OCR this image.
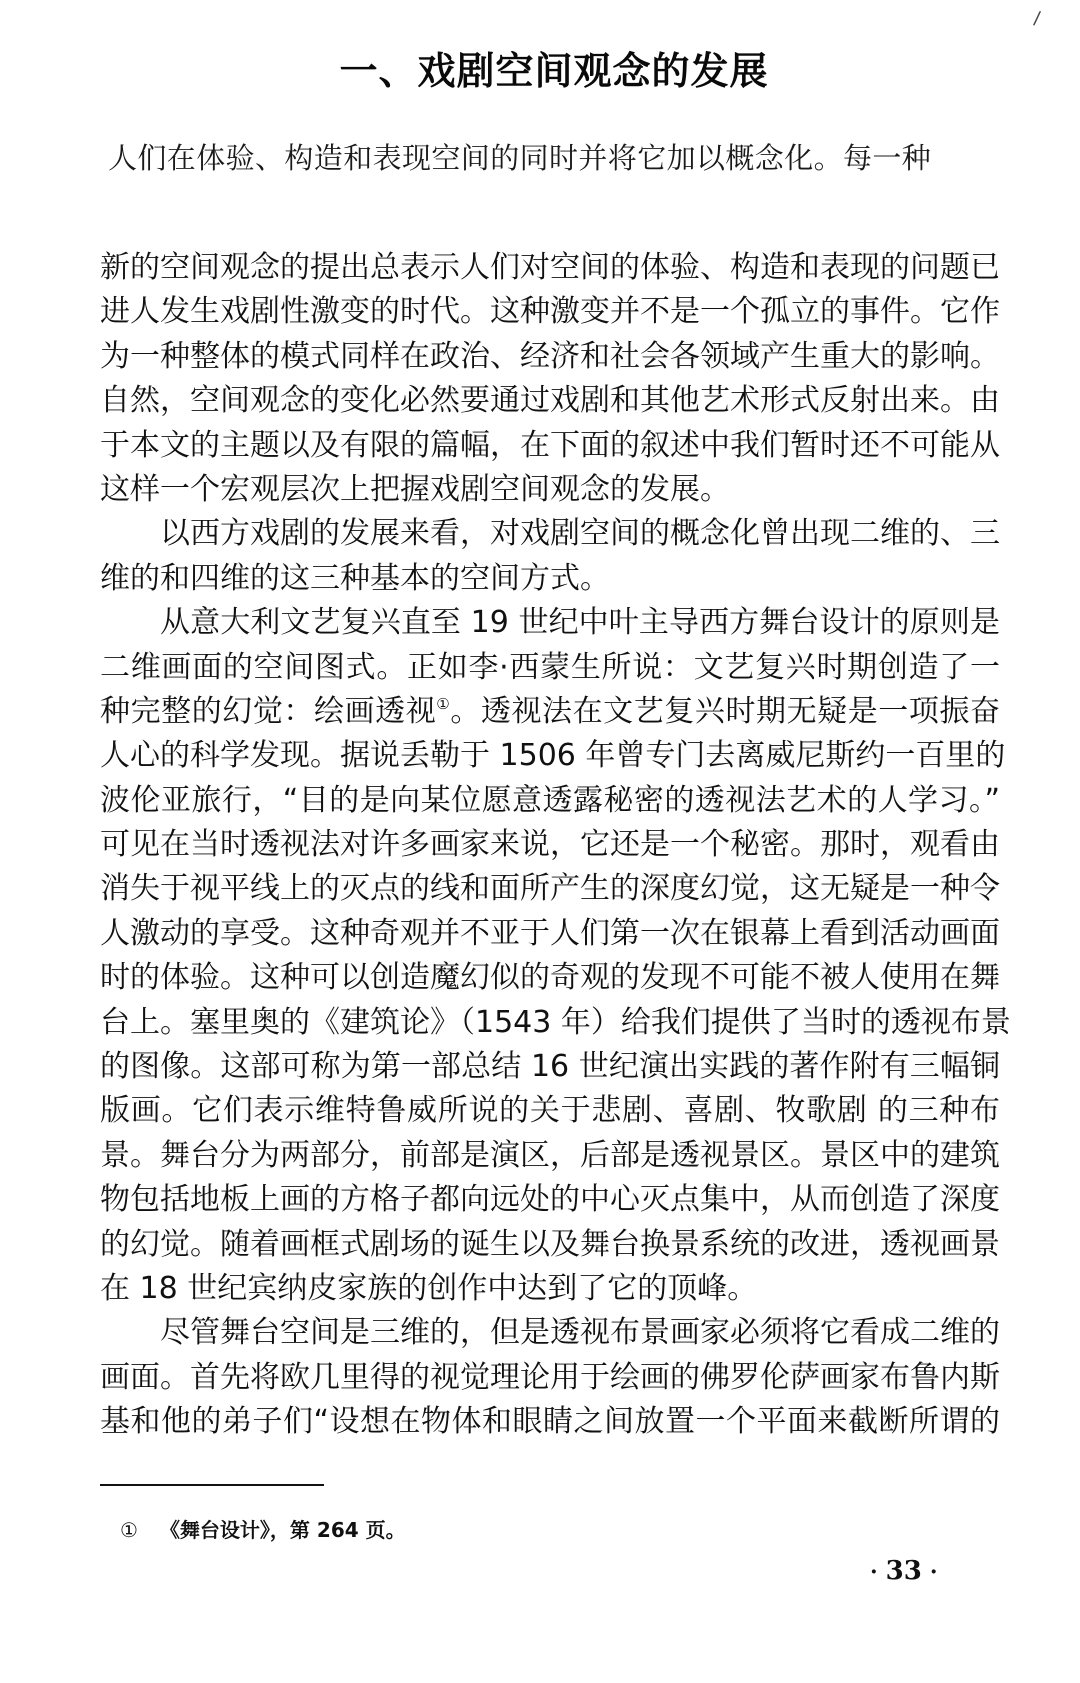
/
一、戏剧空间观念的发展
人们在体验、构造和表现空间的同时并将它加以概念化。每一种
新的空间观念的提出总表示人们对空间的体验、构造和表现的问题已
进人发生戏剧性激变的时代。这种激变并不是一个孤立的事件。它作
为一种整体的模式同样在政治、经济和社会各领域产生重大的影响。
自然，空间观念的变化必然要通过戏剧和其他艺术形式反射出来。由
于本文的主题以及有限的篇幅，在下面的叙述中我们暂时还不可能从
这样一个宏观层次上把握戏剧空间观念的发展。
以西方戏剧的发展来看，对戏剧空间的概念化曾出现二维的、三
维的和四维的这三种基本的空间方式。
从意大利文艺复兴直至 19 世纪中叶主导西方舞台设计的原则是
二维画面的空间图式。正如李·西蒙生所说：文艺复兴时期创造了一
种完整的幻觉：绘画透视①。透视法在文艺复兴时期无疑是一项振奋
人心的科学发现。据说丢勒于 1506 年曾专门去离威尼斯约一百里的
波伦亚旅行，“目的是向某位愿意透露秘密的透视法艺术的人学习。”
可见在当时透视法对许多画家来说，它还是一个秘密。那时，观看由
消失于视平线上的灭点的线和面所产生的深度幻觉，这无疑是一种令
人激动的享受。这种奇观并不亚于人们第一次在银幕上看到活动画面
时的体验。这种可以创造魔幻似的奇观的发现不可能不被人使用在舞
台上。塞里奥的《建筑论》（1543 年）给我们提供了当时的透视布景
的图像。这部可称为第一部总结 16 世纪演出实践的著作附有三幅铜
版画。它们表示维特鲁威所说的关于悲剧、喜剧、牧歌剧 的三种布
景。舞台分为两部分，前部是演区，后部是透视景区。景区中的建筑
物包括地板上画的方格子都向远处的中心灭点集中，从而创造了深度
的幻觉。随着画框式剧场的诞生以及舞台换景系统的改进，透视画景
在 18 世纪宾纳皮家族的创作中达到了它的顶峰。
尽管舞台空间是三维的，但是透视布景画家必须将它看成二维的
画面。首先将欧几里得的视觉理论用于绘画的佛罗伦萨画家布鲁内斯
基和他的弟子们“设想在物体和眼睛之间放置一个平面来截断所谓的
① 《舞台设计》，第 264 页。
· 33 ·
